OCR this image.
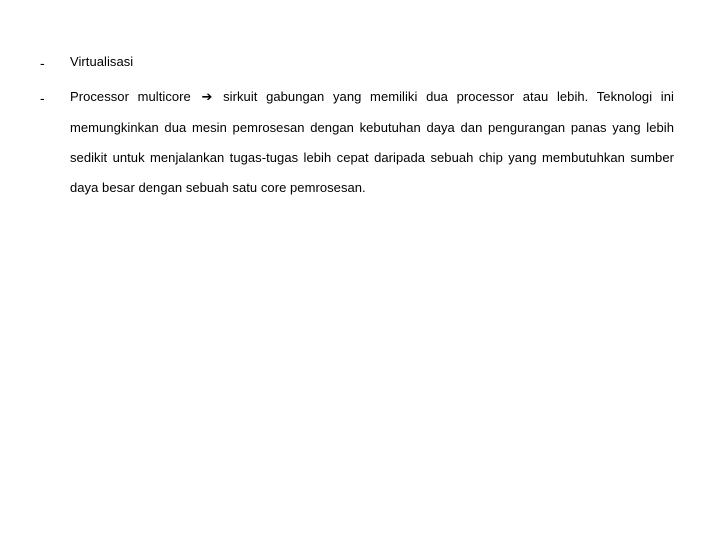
- Virtualisasi
- Processor multicore ➔ sirkuit gabungan yang memiliki dua processor atau lebih. Teknologi ini memungkinkan dua mesin pemrosesan dengan kebutuhan daya dan pengurangan panas yang lebih sedikit untuk menjalankan tugas-tugas lebih cepat daripada sebuah chip yang membutuhkan sumber daya besar dengan sebuah satu core pemrosesan.
